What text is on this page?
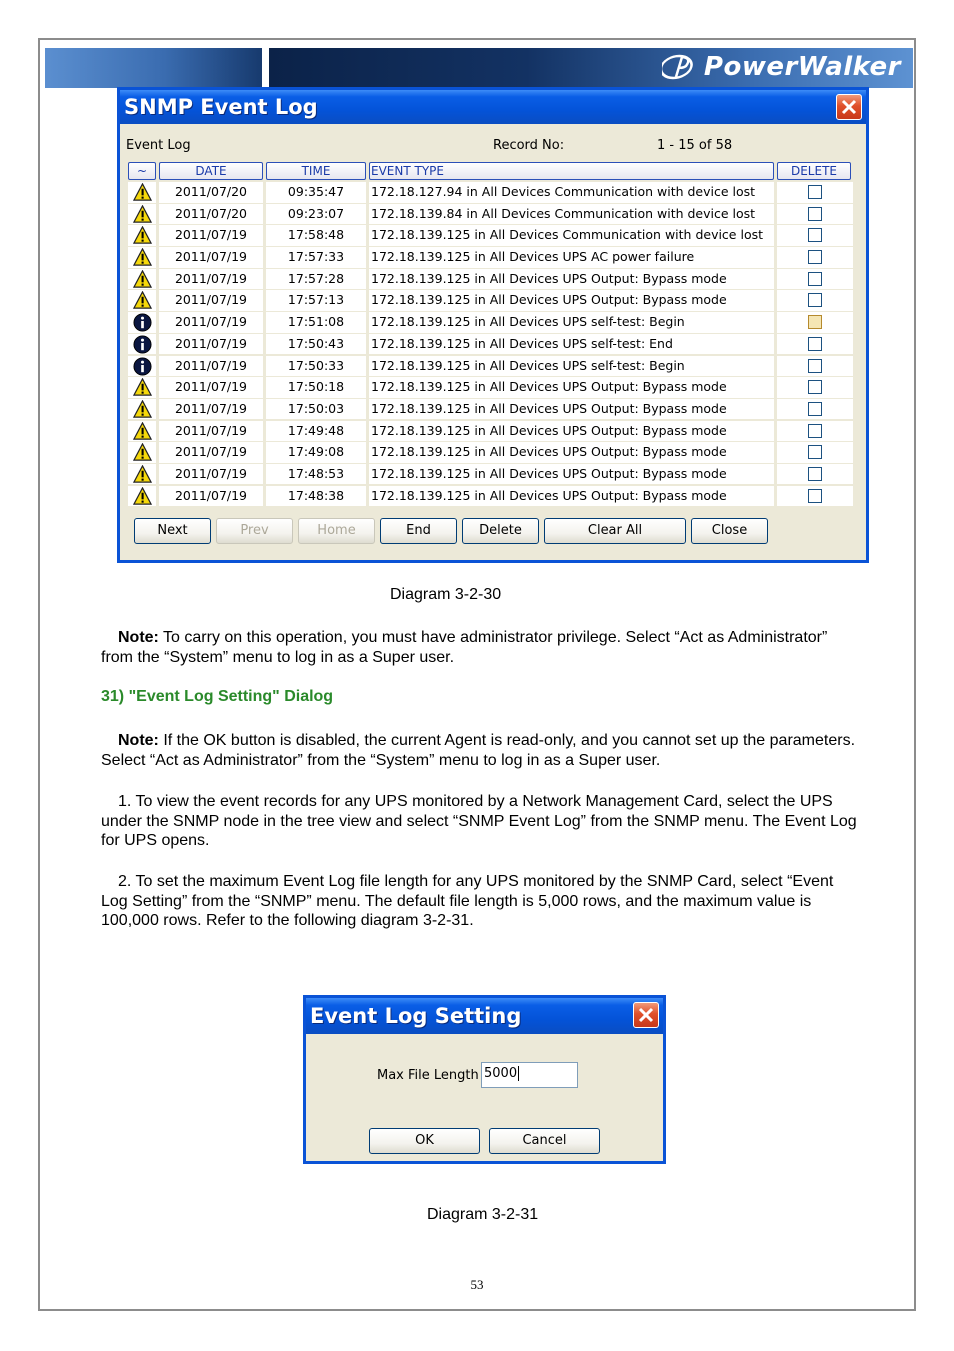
PowerWalker
SNMP Event Log
Event Log	Record No:	1 - 15 of 58
~	DATE	TIME	EVENT TYPE	DELETE
2011/07/20	09:35:47	172.18.127.94 in All Devices Communication with device lost
2011/07/20	09:23:07	172.18.139.84 in All Devices Communication with device lost
2011/07/19	17:58:48	172.18.139.125 in All Devices Communication with device lost
2011/07/19	17:57:33	172.18.139.125 in All Devices UPS AC power failure
2011/07/19	17:57:28	172.18.139.125 in All Devices UPS Output: Bypass mode
2011/07/19	17:57:13	172.18.139.125 in All Devices UPS Output: Bypass mode
2011/07/19	17:51:08	172.18.139.125 in All Devices UPS self-test: Begin
2011/07/19	17:50:43	172.18.139.125 in All Devices UPS self-test: End
2011/07/19	17:50:33	172.18.139.125 in All Devices UPS self-test: Begin
2011/07/19	17:50:18	172.18.139.125 in All Devices UPS Output: Bypass mode
2011/07/19	17:50:03	172.18.139.125 in All Devices UPS Output: Bypass mode
2011/07/19	17:49:48	172.18.139.125 in All Devices UPS Output: Bypass mode
2011/07/19	17:49:08	172.18.139.125 in All Devices UPS Output: Bypass mode
2011/07/19	17:48:53	172.18.139.125 in All Devices UPS Output: Bypass mode
2011/07/19	17:48:38	172.18.139.125 in All Devices UPS Output: Bypass mode
Next	Prev	Home	End	Delete	Clear All	Close
Diagram 3-2-30
Note: To carry on this operation, you must have administrator privilege. Select “Act as Administrator” from the “System” menu to log in as a Super user.
31) "Event Log Setting" Dialog
Note: If the OK button is disabled, the current Agent is read-only, and you cannot set up the parameters. Select “Act as Administrator” from the “System” menu to log in as a Super user.
1. To view the event records for any UPS monitored by a Network Management Card, select the UPS under the SNMP node in the tree view and select “SNMP Event Log” from the SNMP menu. The Event Log for UPS opens.
2. To set the maximum Event Log file length for any UPS monitored by the SNMP Card, select “Event Log Setting” from the “SNMP” menu. The default file length is 5,000 rows, and the maximum value is 100,000 rows. Refer to the following diagram 3-2-31.
Event Log Setting
Max File Length 5000
OK	Cancel
Diagram 3-2-31
53
